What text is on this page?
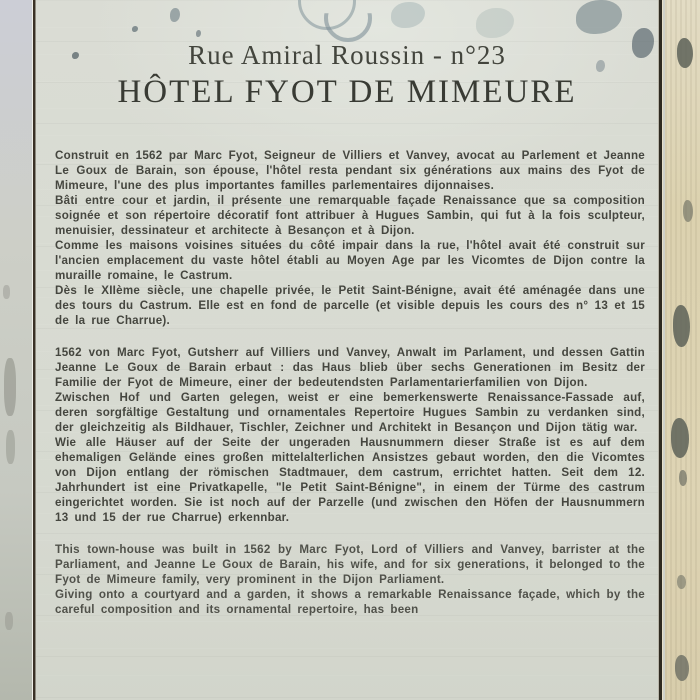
Rue Amiral Roussin - n°23
HÔTEL FYOT DE MIMEURE

Construit en 1562 par Marc Fyot, Seigneur de Villiers et Vanvey, avocat au Parlement et Jeanne Le Goux de Barain, son épouse, l'hôtel resta pendant six générations aux mains des Fyot de Mimeure, l'une des plus importantes familles parlementaires dijonnaises.

Bâti entre cour et jardin, il présente une remarquable façade Renaissance que sa composition soignée et son répertoire décoratif font attribuer à Hugues Sambin, qui fut à la fois sculpteur, menuisier, dessinateur et architecte à Besançon et à Dijon.

Comme les maisons voisines situées du côté impair dans la rue, l'hôtel avait été construit sur l'ancien emplacement du vaste hôtel établi au Moyen Age par les Vicomtes de Dijon contre la muraille romaine, le Castrum.

Dès le XIIème siècle, une chapelle privée, le Petit Saint-Bénigne, avait été aménagée dans une des tours du Castrum. Elle est en fond de parcelle (et visible depuis les cours des n° 13 et 15 de la rue Charrue).

1562 von Marc Fyot, Gutsherr auf Villiers und Vanvey, Anwalt im Parlament, und dessen Gattin Jeanne Le Goux de Barain erbaut : das Haus blieb über sechs Generationen im Besitz der Familie der Fyot de Mimeure, einer der bedeutendsten Parlamentarierfamilien von Dijon.

Zwischen Hof und Garten gelegen, weist er eine bemerkenswerte Renaissance-Fassade auf, deren sorgfältige Gestaltung und ornamentales Repertoire Hugues Sambin zu verdanken sind, der gleichzeitig als Bildhauer, Tischler, Zeichner und Architekt in Besançon und Dijon tätig war.

Wie alle Häuser auf der Seite der ungeraden Hausnummern dieser Straße ist es auf dem ehemaligen Gelände eines großen mittelalterlichen Ansistzes gebaut worden, den die Vicomtes von Dijon entlang der römischen Stadtmauer, dem castrum, errichtet hatten. Seit dem 12. Jahrhundert ist eine Privatkapelle, "le Petit Saint-Bénigne", in einem der Türme des castrum eingerichtet worden. Sie ist noch auf der Parzelle (und zwischen den Höfen der Hausnummern 13 und 15 der rue Charrue) erkennbar.

This town-house was built in 1562 by Marc Fyot, Lord of Villiers and Vanvey, barrister at the Parliament, and Jeanne Le Goux de Barain, his wife, and for six generations, it belonged to the Fyot de Mimeure family, very prominent in the Dijon Parliament.

Giving onto a courtyard and a garden, it shows a remarkable Renaissance façade, which by the careful composition and its ornamental repertoire, has been
